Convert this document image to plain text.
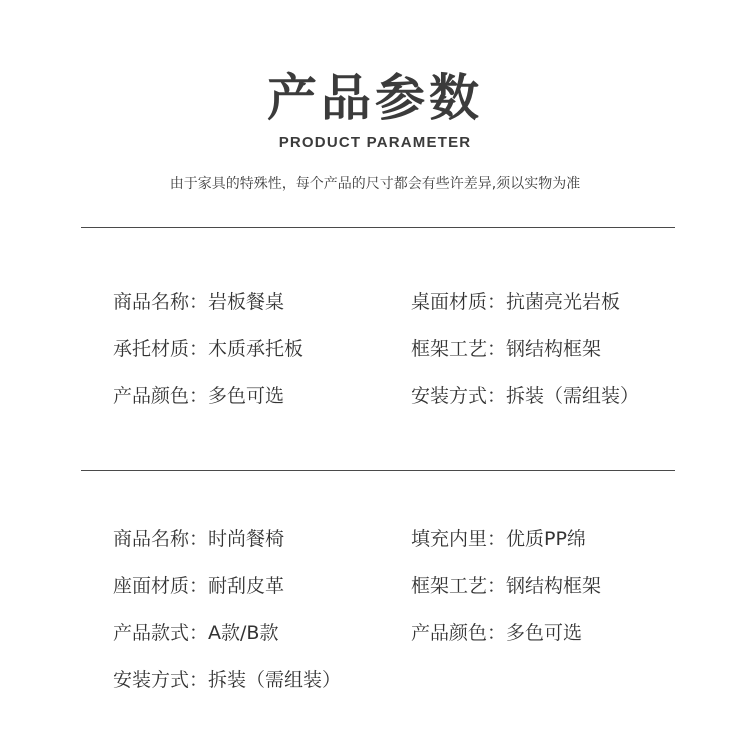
产品参数
PRODUCT PARAMETER
由于家具的特殊性，每个产品的尺寸都会有些许差异,须以实物为准
商品名称：岩板餐桌
承托材质：木质承托板
产品颜色：多色可选
桌面材质：抗菌亮光岩板
框架工艺：钢结构框架
安装方式：拆装（需组装）
商品名称：时尚餐椅
座面材质：耐刮皮革
产品款式：A款/B款
安装方式：拆装（需组装）
填充内里：优质PP绵
框架工艺：钢结构框架
产品颜色：多色可选
